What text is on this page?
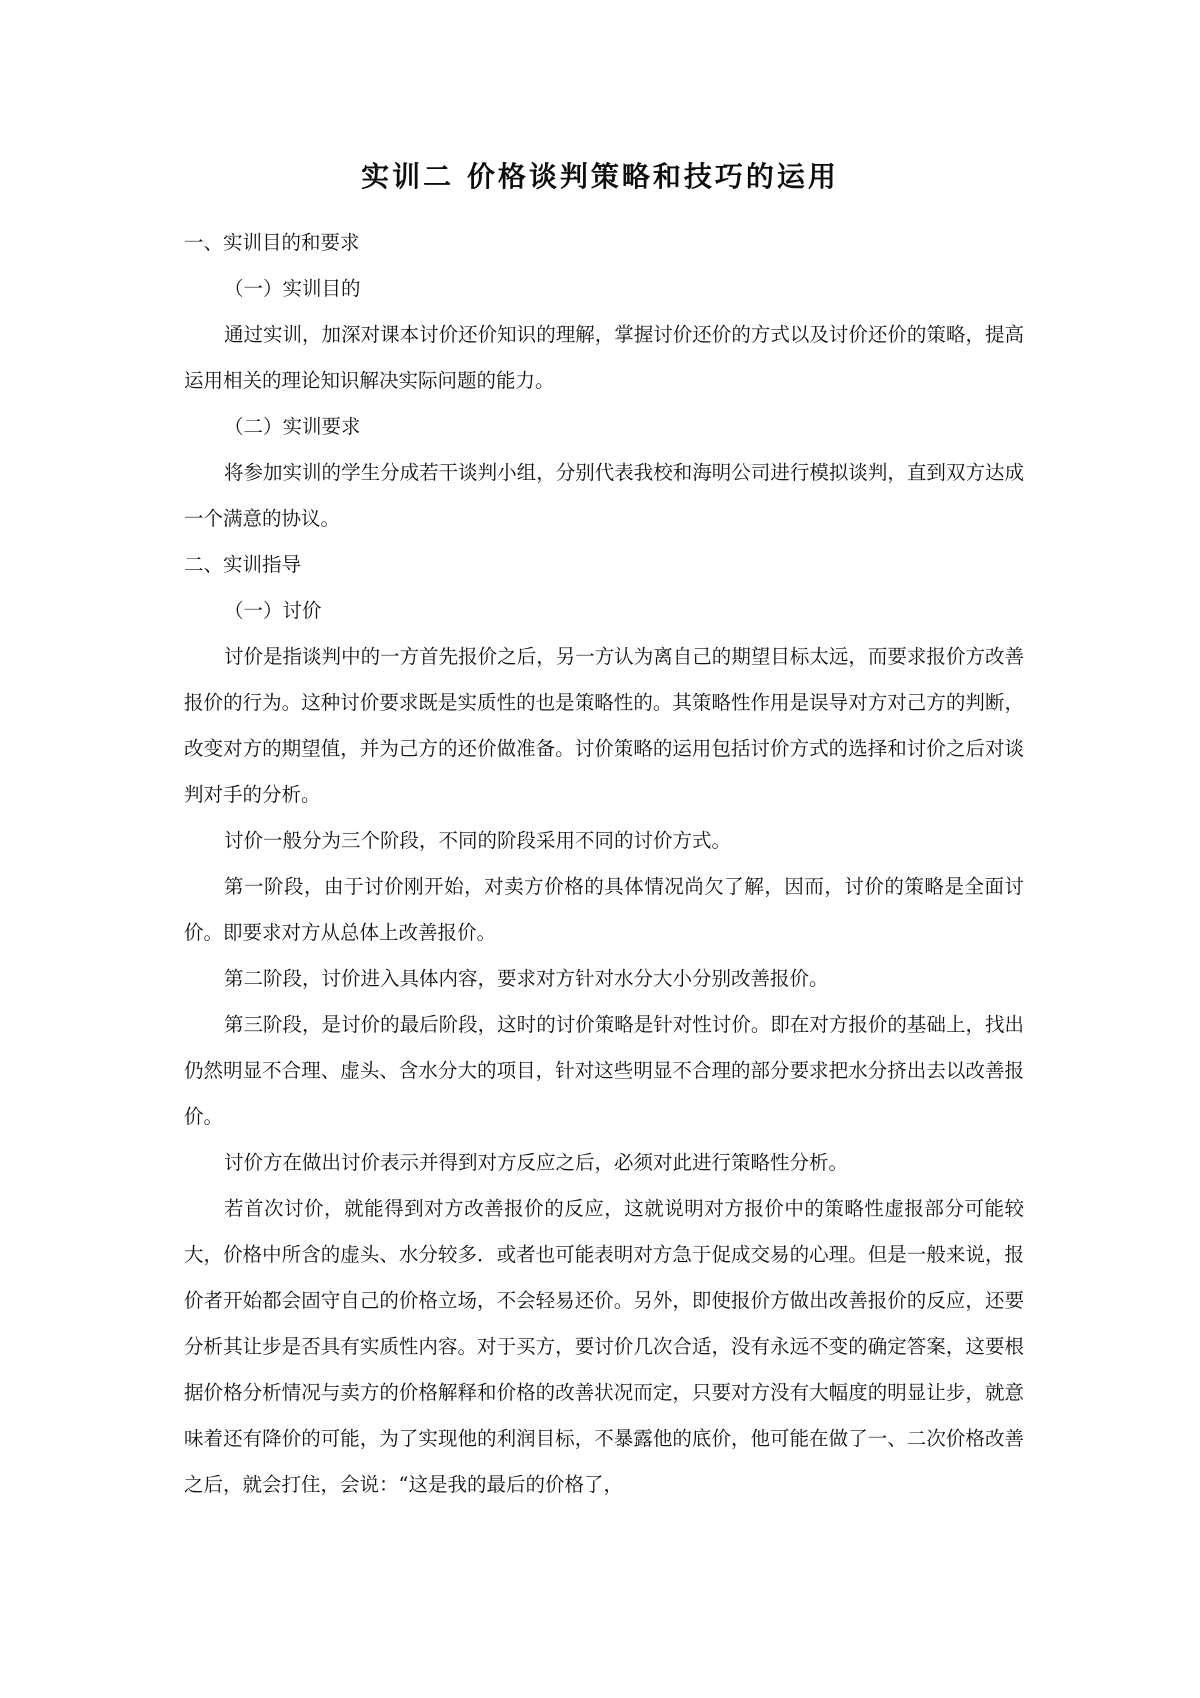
实训二 价格谈判策略和技巧的运用

一、实训目的和要求

（一）实训目的

通过实训，加深对课本讨价还价知识的理解，掌握讨价还价的方式以及讨价还价的策略，提高运用相关的理论知识解决实际问题的能力。

（二）实训要求

将参加实训的学生分成若干谈判小组，分别代表我校和海明公司进行模拟谈判，直到双方达成一个满意的协议。

二、实训指导

（一）讨价

讨价是指谈判中的一方首先报价之后，另一方认为离自己的期望目标太远，而要求报价方改善报价的行为。这种讨价要求既是实质性的也是策略性的。其策略性作用是误导对方对己方的判断，改变对方的期望值，并为己方的还价做准备。讨价策略的运用包括讨价方式的选择和讨价之后对谈判对手的分析。

讨价一般分为三个阶段，不同的阶段采用不同的讨价方式。

第一阶段，由于讨价刚开始，对卖方价格的具体情况尚欠了解，因而，讨价的策略是全面讨价。即要求对方从总体上改善报价。

第二阶段，讨价进入具体内容，要求对方针对水分大小分别改善报价。

第三阶段，是讨价的最后阶段，这时的讨价策略是针对性讨价。即在对方报价的基础上，找出仍然明显不合理、虚头、含水分大的项目，针对这些明显不合理的部分要求把水分挤出去以改善报价。

讨价方在做出讨价表示并得到对方反应之后，必须对此进行策略性分析。

若首次讨价，就能得到对方改善报价的反应，这就说明对方报价中的策略性虚报部分可能较大，价格中所含的虚头、水分较多．或者也可能表明对方急于促成交易的心理。但是一般来说，报价者开始都会固守自己的价格立场，不会轻易还价。另外，即使报价方做出改善报价的反应，还要分析其让步是否具有实质性内容。对于买方，要讨价几次合适，没有永远不变的确定答案，这要根据价格分析情况与卖方的价格解释和价格的改善状况而定，只要对方没有大幅度的明显让步，就意味着还有降价的可能，为了实现他的利润目标，不暴露他的底价，他可能在做了一、二次价格改善之后，就会打住，会说：“这是我的最后的价格了，
